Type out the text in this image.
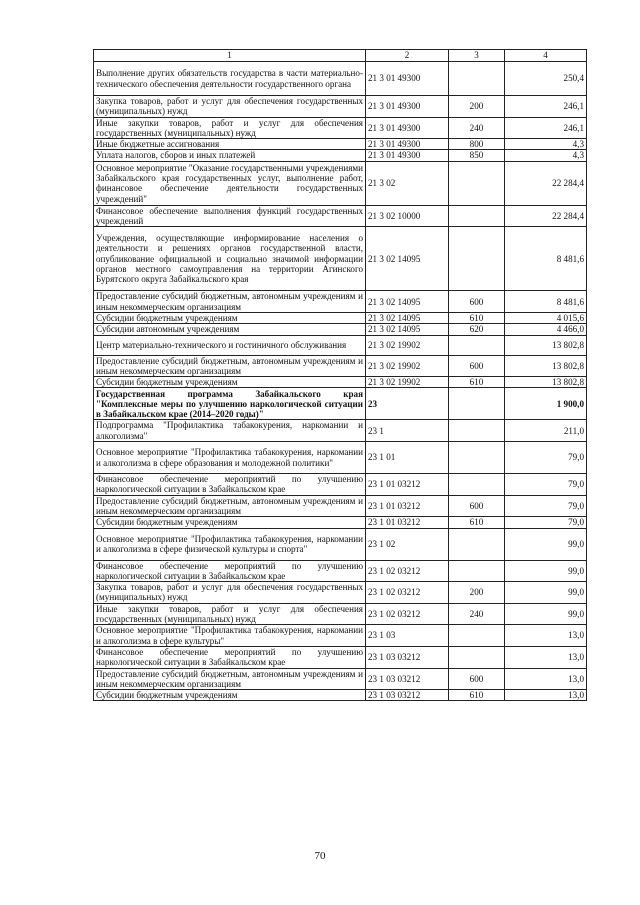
1	2	3	4
Выполнение других обязательств государства в части материально-технического обеспечения деятельности государственного органа	21 3 01 49300		250,4
Закупка товаров, работ и услуг для обеспечения государственных (муниципальных) нужд	21 3 01 49300	200	246,1
Иные закупки товаров, работ и услуг для обеспечения государственных (муниципальных) нужд	21 3 01 49300	240	246,1
Иные бюджетные ассигнования	21 3 01 49300	800	4,3
Уплата налогов, сборов и иных платежей	21 3 01 49300	850	4,3
Основное мероприятие "Оказание государственными учреждениями Забайкальского края государственных услуг, выполнение работ, финансовое обеспечение деятельности государственных учреждений"	21 3 02		22 284,4
Финансовое обеспечение выполнения функций государственных учреждений	21 3 02 10000		22 284,4
Учреждения, осуществляющие информирование населения о деятельности и решениях органов государственной власти, опубликование официальной и социально значимой информации органов местного самоуправления на территории Агинского Бурятского округа Забайкальского края	21 3 02 14095		8 481,6
Предоставление субсидий бюджетным, автономным учреждениям и иным некоммерческим организациям	21 3 02 14095	600	8 481,6
Субсидии бюджетным учреждениям	21 3 02 14095	610	4 015,6
Субсидии автономным учреждениям	21 3 02 14095	620	4 466,0
Центр материально-технического и гостиничного обслуживания	21 3 02 19902		13 802,8
Предоставление субсидий бюджетным, автономным учреждениям и иным некоммерческим организациям	21 3 02 19902	600	13 802,8
Субсидии бюджетным учреждениям	21 3 02 19902	610	13 802,8
Государственная программа Забайкальского края "Комплексные меры по улучшению наркологической ситуации в Забайкальском крае (2014–2020 годы)"	23		1 900,0
Подпрограмма "Профилактика табакокурения, наркомании и алкоголизма"	23 1		211,0
Основное мероприятие "Профилактика табакокурения, наркомании и алкоголизма в сфере образования и молодежной политики"	23 1 01		79,0
Финансовое обеспечение мероприятий по улучшению наркологической ситуации в Забайкальском крае	23 1 01 03212		79,0
Предоставление субсидий бюджетным, автономным учреждениям и иным некоммерческим организациям	23 1 01 03212	600	79,0
Субсидии бюджетным учреждениям	23 1 01 03212	610	79,0
Основное мероприятие "Профилактика табакокурения, наркомании и алкоголизма в сфере физической культуры и спорта"	23 1 02		99,0
Финансовое обеспечение мероприятий по улучшению наркологической ситуации в Забайкальском крае	23 1 02 03212		99,0
Закупка товаров, работ и услуг для обеспечения государственных (муниципальных) нужд	23 1 02 03212	200	99,0
Иные закупки товаров, работ и услуг для обеспечения государственных (муниципальных) нужд	23 1 02 03212	240	99,0
Основное мероприятие "Профилактика табакокурения, наркомании и алкоголизма в сфере культуры"	23 1 03		13,0
Финансовое обеспечение мероприятий по улучшению наркологической ситуации в Забайкальском крае	23 1 03 03212		13,0
Предоставление субсидий бюджетным, автономным учреждениям и иным некоммерческим организациям	23 1 03 03212	600	13,0
Субсидии бюджетным учреждениям	23 1 03 03212	610	13,0
70
